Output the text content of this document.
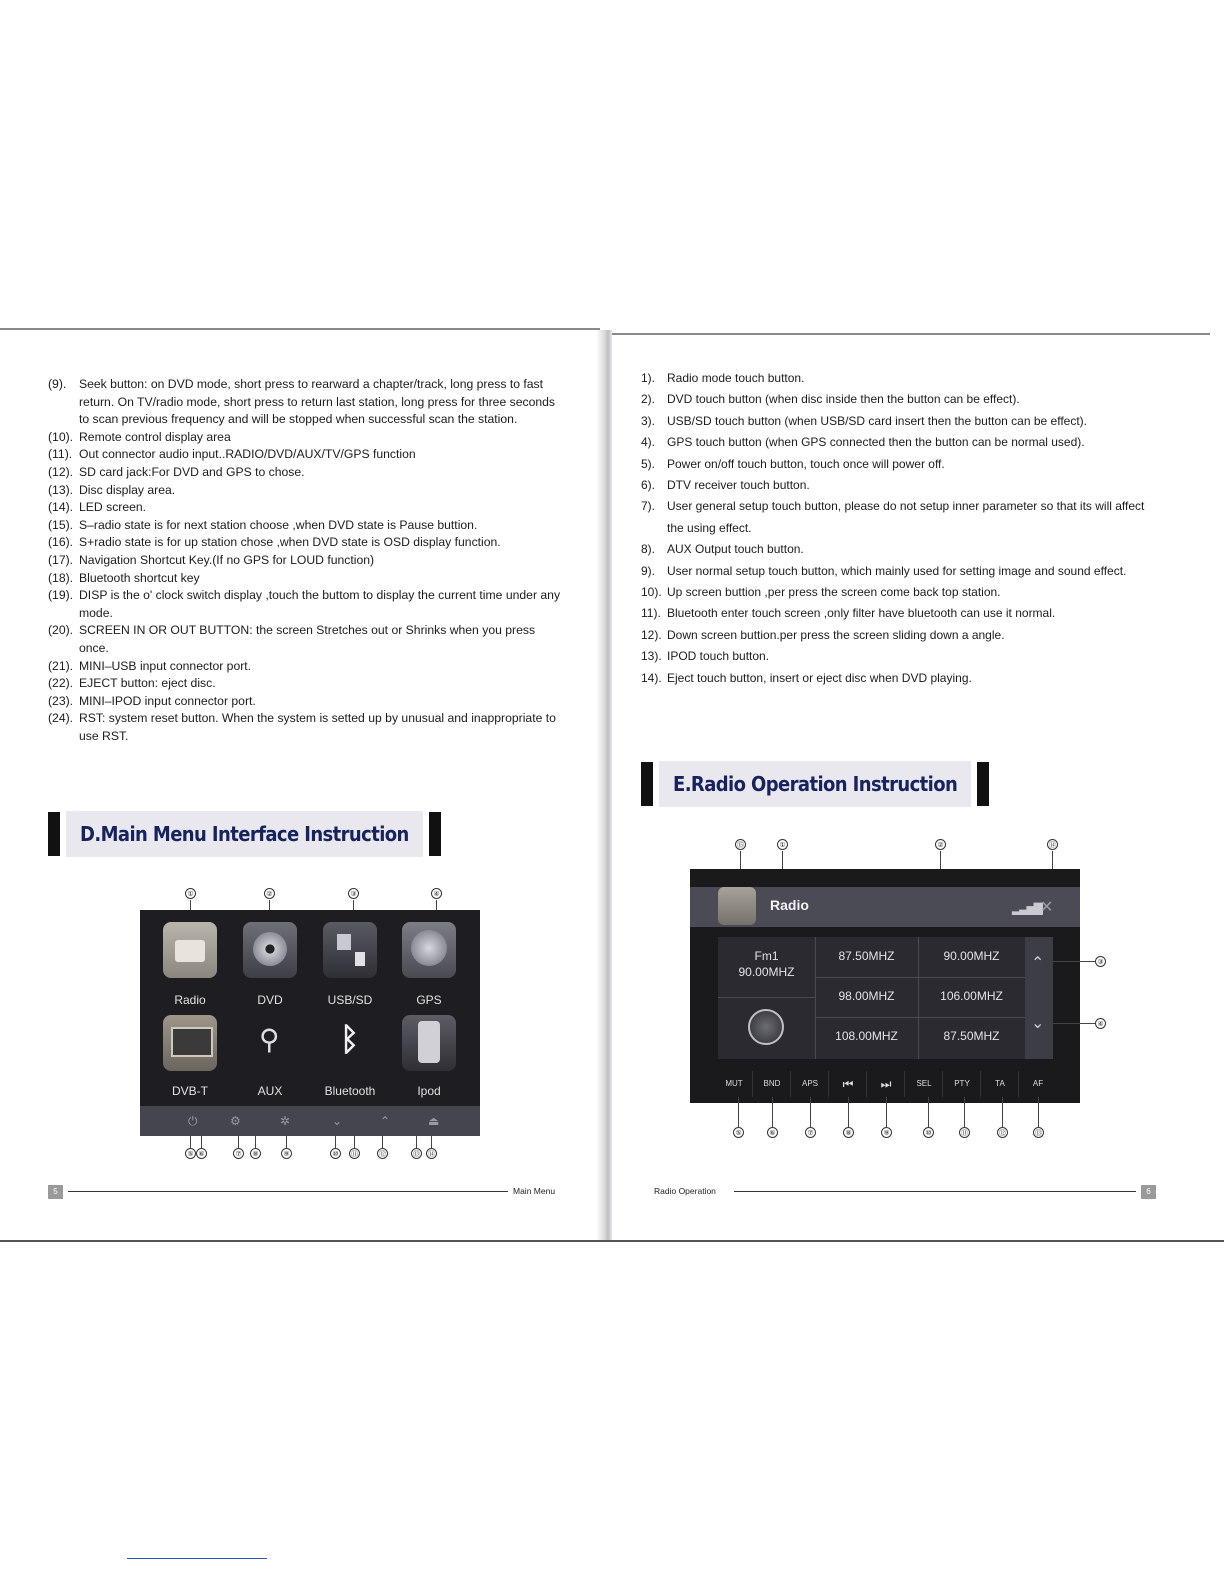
(9).	Seek button: on DVD mode, short press to rearward a chapter/track, long press to fast return. On TV/radio mode, short press to return last station, long press for three seconds to scan previous frequency and will be stopped when successful scan the station.
(10). Remote control display area
(11). Out connector audio input..RADIO/DVD/AUX/TV/GPS function
(12). SD card jack:For DVD and GPS to chose.
(13). Disc display area.
(14). LED screen.
(15). S–radio state is for next station choose ,when DVD state is Pause buttion.
(16). S+radio state is for up station chose ,when DVD state is OSD display function.
(17). Navigation Shortcut Key.(If no GPS for LOUD function)
(18). Bluetooth shortcut key
(19). DISP is the o' clock switch display ,touch the buttom to display the current time under any mode.
(20). SCREEN IN OR OUT BUTTON: the screen Stretches out or Shrinks when you press once.
(21). MINI–USB input connector port.
(22). EJECT button: eject disc.
(23). MINI–IPOD input connector port.
(24). RST: system reset button. When the system is setted up by unusual and inappropriate to use RST.
D.Main Menu Interface Instruction
①	②	③	④
Radio	DVD	USB/SD	GPS
DVB-T
⚲
AUX
ᛒ
Bluetooth	Ipod
⏻	⚙	✲	⌄	⌃	⏏
⑤ ⑥	⑦	⑧	⑨	⑩	⑪	⑫	⑬ ⑭
5	Main Menu
1). Radio mode touch button.
2). DVD touch button (when disc inside then the button can be effect).
3). USB/SD touch button (when USB/SD card insert then the button can be effect).
4). GPS touch button (when GPS connected then the button can be normal used).
5). Power on/off touch button, touch once will power off.
6). DTV receiver touch button.
7). User general setup touch button, please do not setup inner parameter so that its will affect the using effect.
8). AUX Output touch button.
9). User normal setup touch button, which mainly used for setting image and sound effect.
10). Up screen buttion ,per press the screen come back top station.
11). Bluetooth enter touch screen ,only filter have bluetooth can use it normal.
12). Down screen buttion.per press the screen sliding down a angle.
13). IPOD touch button.
14). Eject touch button, insert or eject disc when DVD playing.
E.Radio Operation Instruction
⑮	①	②	⑭
Radio	▂▃▅▇ ✕
Fm1
90.00MHZ
87.50MHZ	90.00MHZ
98.00MHZ	106.00MHZ
108.00MHZ	87.50MHZ
⌃
⌄
MUT	BND	APS	⏮	⏭	SEL	PTY	TA	AF
③
④
⑤	⑥	⑦	⑧	⑨	⑩	⑪	⑫	⑬
Radio Operation	6
